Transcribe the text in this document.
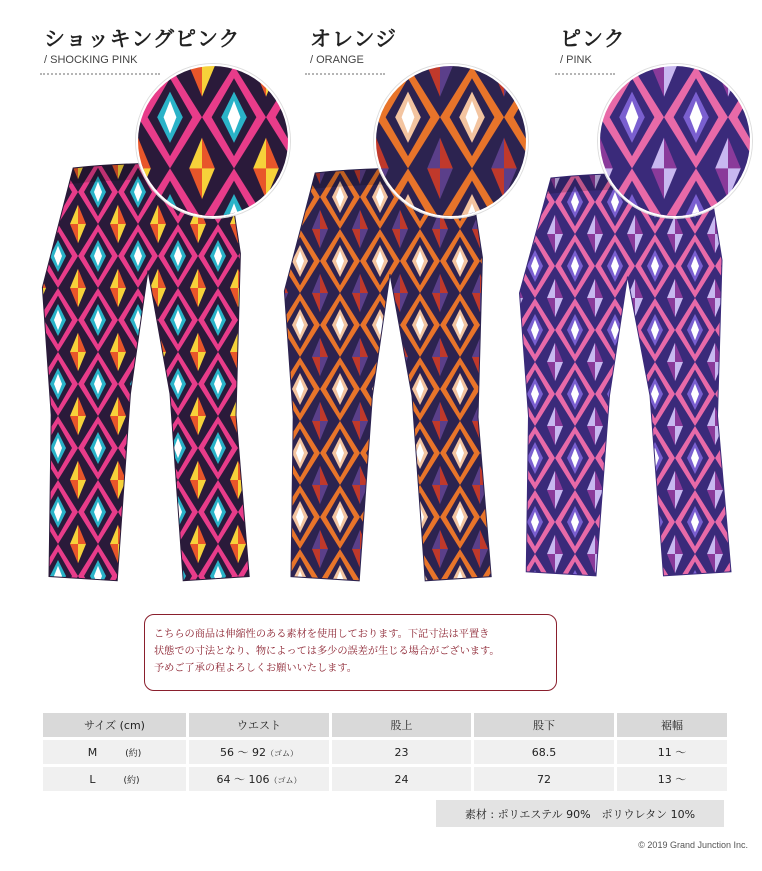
ショッキングピンク
/ SHOCKING PINK
オレンジ
/ ORANGE
ピンク
/ PINK
こちらの商品は伸縮性のある素材を使用しております。下記寸法は平置き
状態での寸法となり、物によっては多少の誤差が生じる場合がございます。
予めご了承の程よろしくお願いいたします。
サイズ (cm)	ウエスト	股上	股下	裾幅
M (約)	56 〜 92（ゴム）	23	68.5	11 〜
L (約)	64 〜 106（ゴム）	24	72	13 〜
素材 : ポリエステル 90%　ポリウレタン 10%
© 2019 Grand Junction Inc.
